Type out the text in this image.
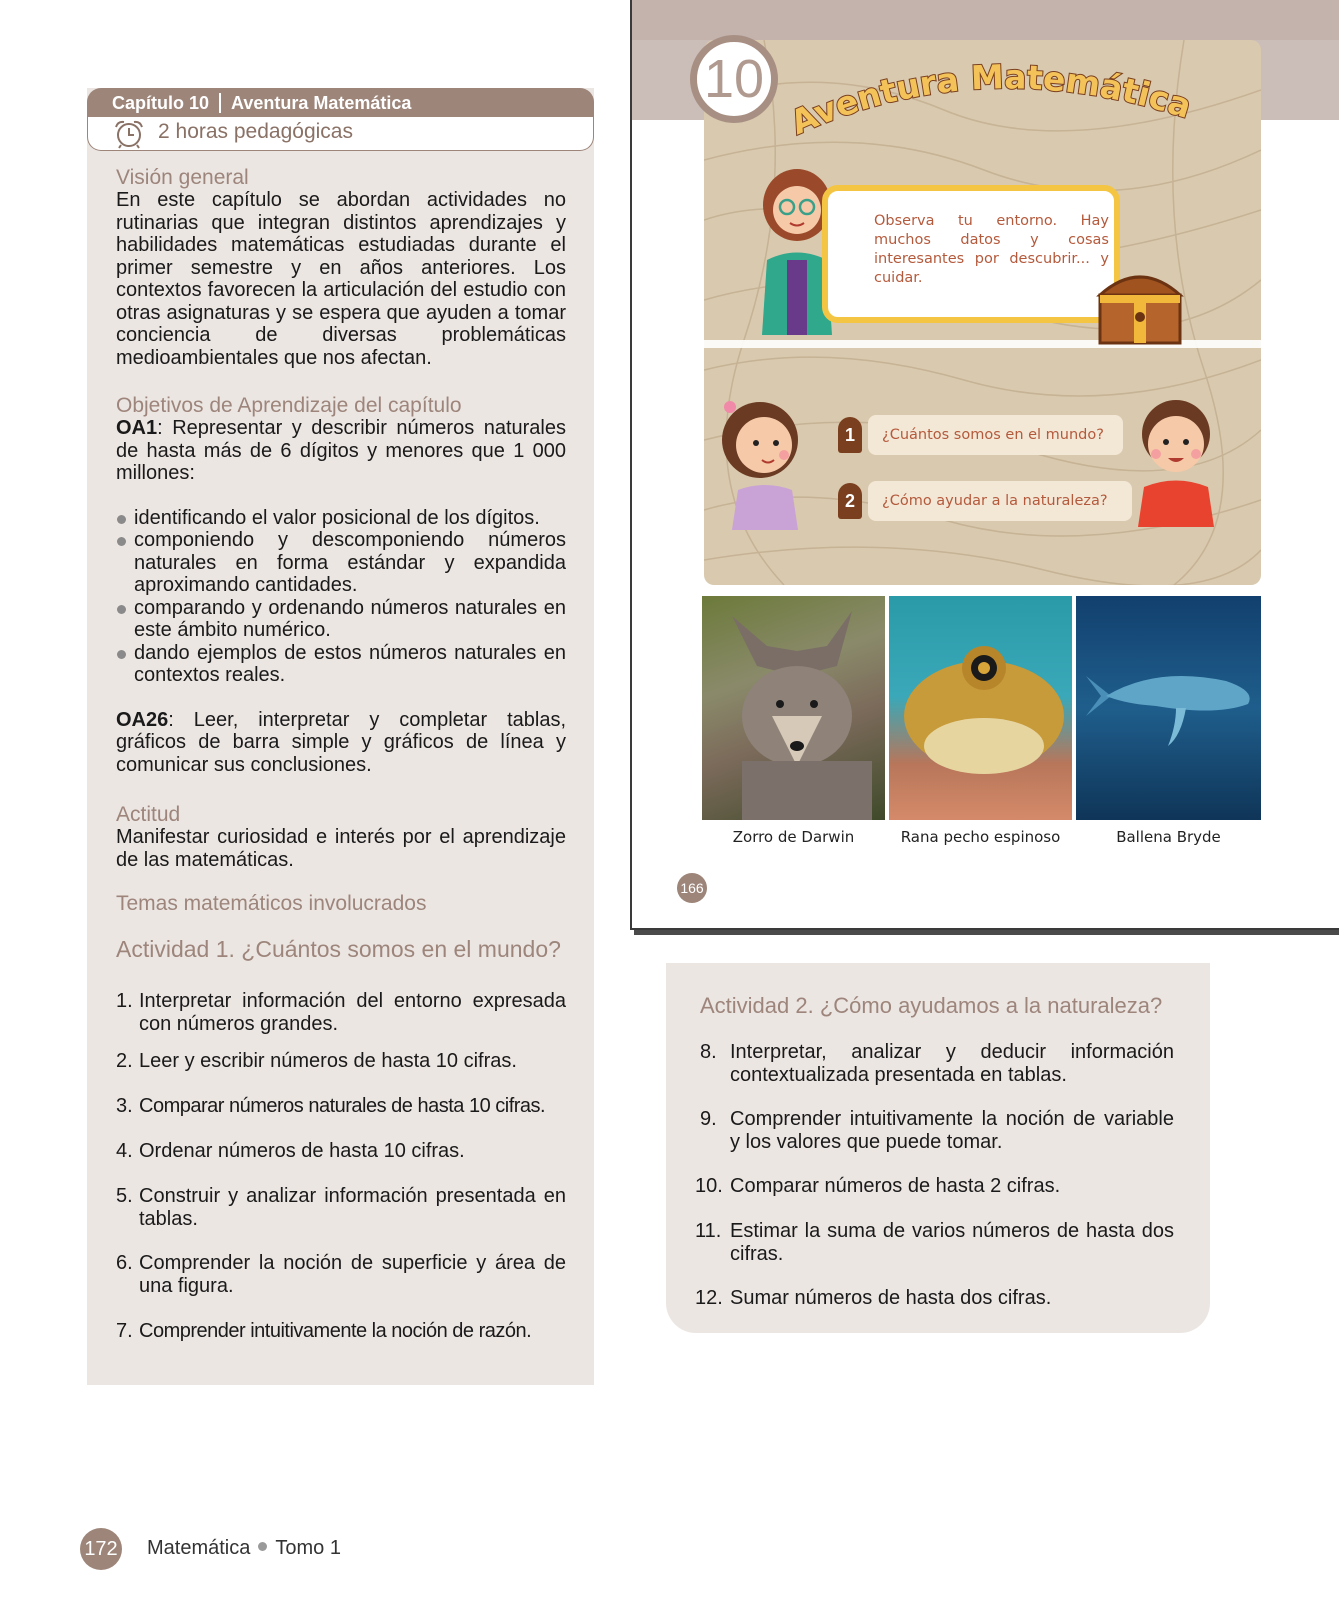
Capítulo 10 Aventura Matemática
2 horas pedagógicas
Visión general

En este capítulo se abordan actividades no rutinarias que integran distintos aprendizajes y habilidades matemáticas estudiadas durante el primer semestre y en años anteriores. Los contextos favorecen la articulación del estudio con otras asignaturas y se espera que ayuden a tomar conciencia de diversas problemáticas medioambientales que nos afectan.

Objetivos de Aprendizaje del capítulo

OA1: Representar y describir números naturales de hasta más de 6 dígitos y menores que 1 000 millones:

identificando el valor posicional de los dígitos.
componiendo y descomponiendo números naturales en forma estándar y expandida aproximando cantidades.
comparando y ordenando números naturales en este ámbito numérico.
dando ejemplos de estos números naturales en contextos reales.

OA26: Leer, interpretar y completar tablas, gráficos de barra simple y gráficos de línea y comunicar sus conclusiones.

Actitud

Manifestar curiosidad e interés por el aprendizaje de las matemáticas.

Temas matemáticos involucrados
Actividad 1. ¿Cuántos somos en el mundo?
1. Interpretar información del entorno expresada con números grandes.
2. Leer y escribir números de hasta 10 cifras.
3. Comparar números naturales de hasta 10 cifras.
4. Ordenar números de hasta 10 cifras.
5. Construir y analizar información presentada en tablas.
6. Comprender la noción de superficie y área de una figura.
7. Comprender intuitivamente la noción de razón.
10
Aventura Matemática

Observa tu entorno. Hay muchos datos y cosas interesantes por descubrir... y cuidar.

1	¿Cuántos somos en el mundo?
2	¿Cómo ayudar a la naturaleza?
Zorro de Darwin	Rana pecho espinoso	Ballena Bryde
166
Actividad 2. ¿Cómo ayudamos a la naturaleza?
8. Interpretar, analizar y deducir información contextualizada presentada en tablas.
9. Comprender intuitivamente la noción de variable y los valores que puede tomar.
10. Comparar números de hasta 2 cifras.
11. Estimar la suma de varios números de hasta dos cifras.
12. Sumar números de hasta dos cifras.
172 Matemática Tomo 1
